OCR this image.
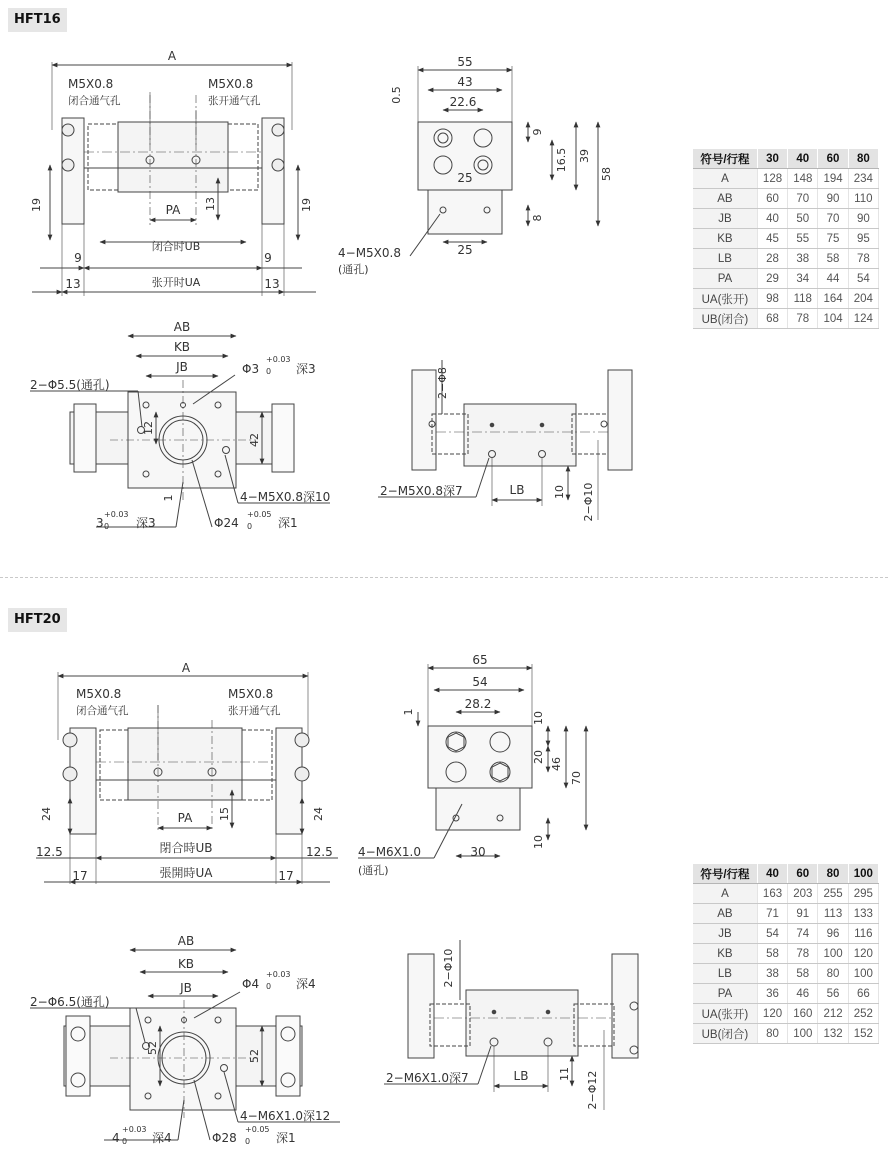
HFT16
HFT20
A
M5X0.8
闭合通气孔
M5X0.8
张开通气孔
PA 13
19	19
9	9
13	13
闭合时UB
张开时UA
55
43
22.6
0.5
9
16.5 39
58
25
8
25
4−M5X0.8
(通孔)
AB
KB
JB	Φ3
+0.03
0 深3
2−Φ5.5(通孔)
12
42
1	4−M5X0.8深10
3
+0.03
0 深3	Φ24
+0.05
0 深1
2−Φ8
2−M5X0.8深7	LB	10 2−Φ10
A
M5X0.8
闭合通气孔
M5X0.8
张开通气孔
PA 15
24	24
12.5	12.5
17	17
閉合時UB
張開時UA
65
54
28.2
1	10
20 46
70
10
30
4−M6X1.0
(通孔)
AB
KB
JB	Φ4
+0.03
0 深4
2−Φ6.5(通孔)
52
52
4−M6X1.0深12
4
+0.03
0 深4	Φ28
+0.05
0 深1
2−Φ10
2−M6X1.0深7	LB	11 2−Φ12
符号/行程	30	40	60	80
A	128	148	194	234
AB	60	70	90	110
JB	40	50	70	90
KB	45	55	75	95
LB	28	38	58	78
PA	29	34	44	54
UA(张开)	98	118	164	204
UB(闭合)	68	78	104	124
符号/行程	40	60	80	100
A	163	203	255	295
AB	71	91	113	133
JB	54	74	96	116
KB	58	78	100	120
LB	38	58	80	100
PA	36	46	56	66
UA(张开)	120	160	212	252
UB(闭合)	80	100	132	152
